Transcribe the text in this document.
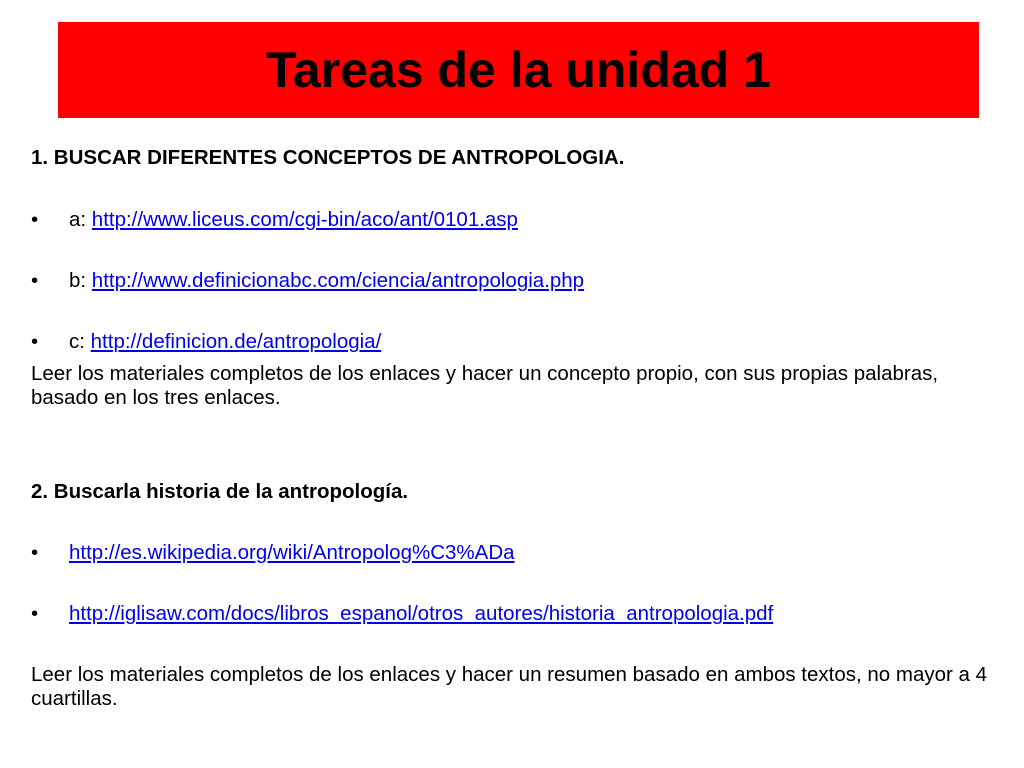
Tareas de la unidad 1
1. BUSCAR DIFERENTES CONCEPTOS DE ANTROPOLOGIA.
• a: http://www.liceus.com/cgi-bin/aco/ant/0101.asp
• b: http://www.definicionabc.com/ciencia/antropologia.php
• c: http://definicion.de/antropologia/
Leer los materiales completos de los enlaces y hacer un concepto propio, con sus propias palabras, basado en los tres enlaces.
2. Buscarla historia de la antropología.
• http://es.wikipedia.org/wiki/Antropolog%C3%ADa
• http://iglisaw.com/docs/libros_espanol/otros_autores/historia_antropologia.pdf
Leer los materiales completos de los enlaces y hacer un resumen basado en ambos textos, no mayor a 4 cuartillas.
